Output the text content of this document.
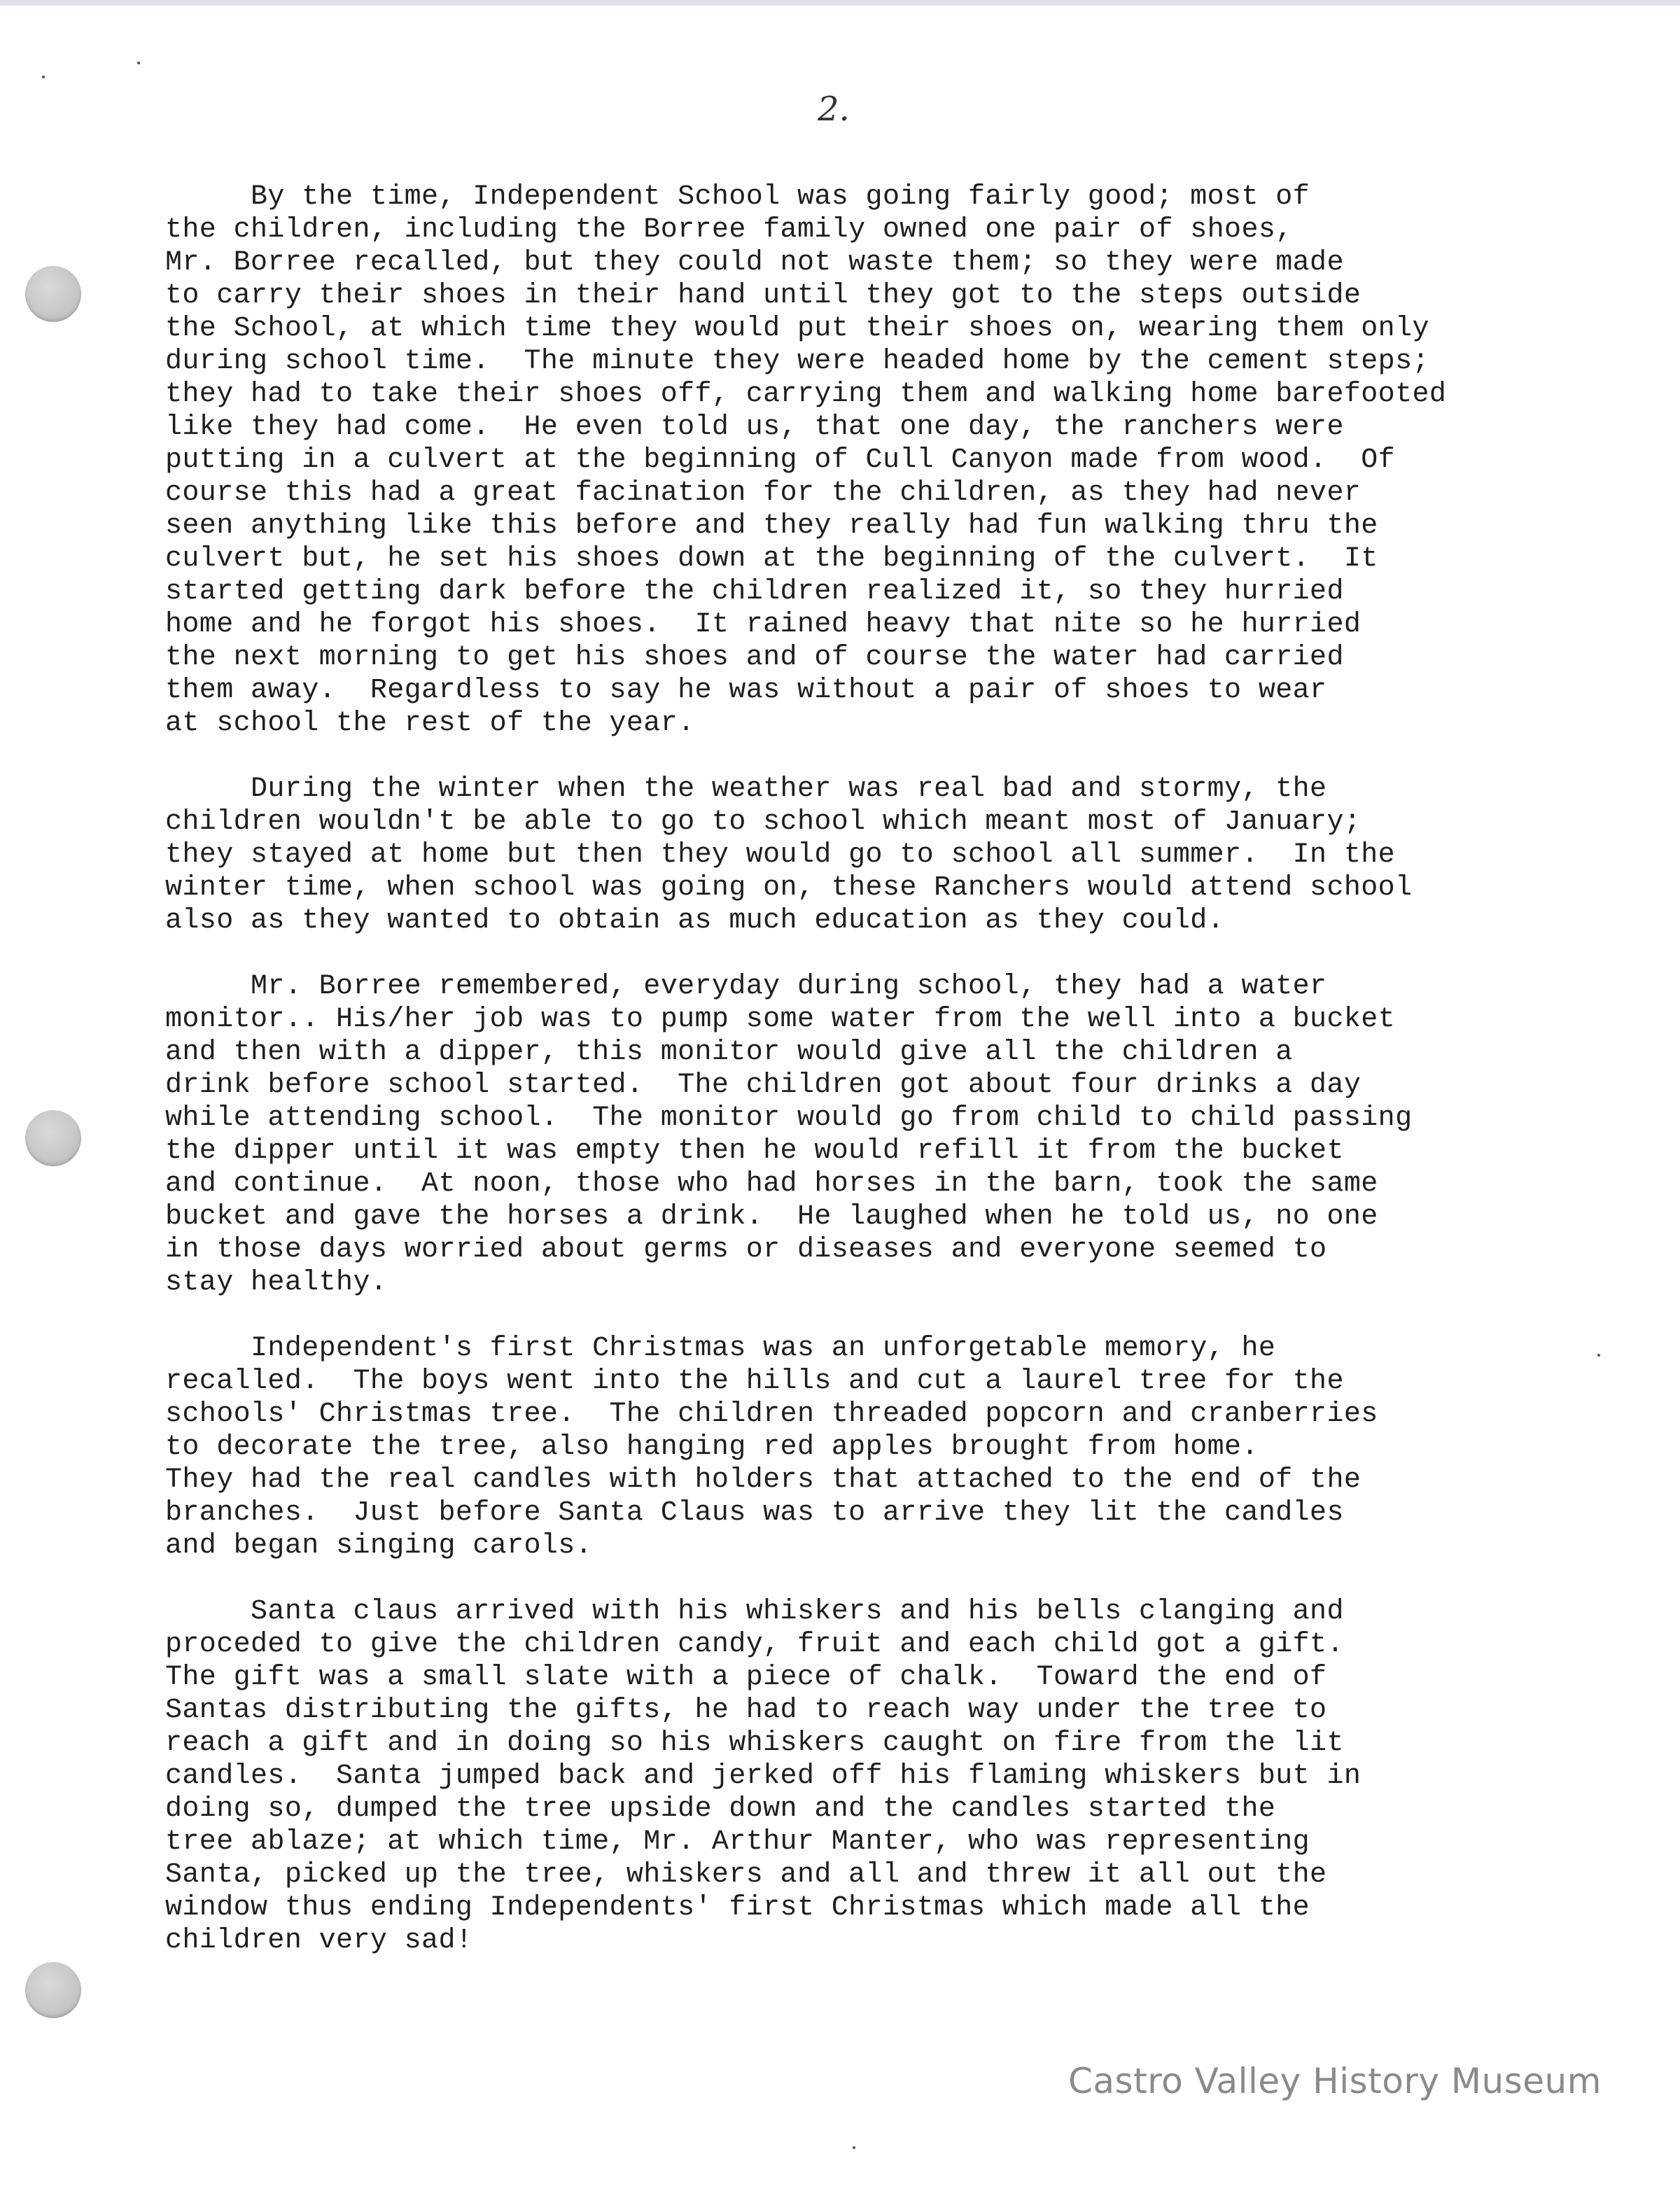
2.
By the time, Independent School was going fairly good; most of
the children, including the Borree family owned one pair of shoes,
Mr. Borree recalled, but they could not waste them; so they were made
to carry their shoes in their hand until they got to the steps outside
the School, at which time they would put their shoes on, wearing them only
during school time.  The minute they were headed home by the cement steps;
they had to take their shoes off, carrying them and walking home barefooted
like they had come.  He even told us, that one day, the ranchers were
putting in a culvert at the beginning of Cull Canyon made from wood.  Of
course this had a great facination for the children, as they had never
seen anything like this before and they really had fun walking thru the
culvert but, he set his shoes down at the beginning of the culvert.  It
started getting dark before the children realized it, so they hurried
home and he forgot his shoes.  It rained heavy that nite so he hurried
the next morning to get his shoes and of course the water had carried
them away.  Regardless to say he was without a pair of shoes to wear
at school the rest of the year.
During the winter when the weather was real bad and stormy, the
children wouldn't be able to go to school which meant most of January;
they stayed at home but then they would go to school all summer.  In the
winter time, when school was going on, these Ranchers would attend school
also as they wanted to obtain as much education as they could.
Mr. Borree remembered, everyday during school, they had a water
monitor.. His/her job was to pump some water from the well into a bucket
and then with a dipper, this monitor would give all the children a
drink before school started.  The children got about four drinks a day
while attending school.  The monitor would go from child to child passing
the dipper until it was empty then he would refill it from the bucket
and continue.  At noon, those who had horses in the barn, took the same
bucket and gave the horses a drink.  He laughed when he told us, no one
in those days worried about germs or diseases and everyone seemed to
stay healthy.
Independent's first Christmas was an unforgetable memory, he
recalled.  The boys went into the hills and cut a laurel tree for the
schools' Christmas tree.  The children threaded popcorn and cranberries
to decorate the tree, also hanging red apples brought from home.
They had the real candles with holders that attached to the end of the
branches.  Just before Santa Claus was to arrive they lit the candles
and began singing carols.
Santa claus arrived with his whiskers and his bells clanging and
proceded to give the children candy, fruit and each child got a gift.
The gift was a small slate with a piece of chalk.  Toward the end of
Santas distributing the gifts, he had to reach way under the tree to
reach a gift and in doing so his whiskers caught on fire from the lit
candles.  Santa jumped back and jerked off his flaming whiskers but in
doing so, dumped the tree upside down and the candles started the
tree ablaze; at which time, Mr. Arthur Manter, who was representing
Santa, picked up the tree, whiskers and all and threw it all out the
window thus ending Independents' first Christmas which made all the
children very sad!
Castro Valley History Museum
